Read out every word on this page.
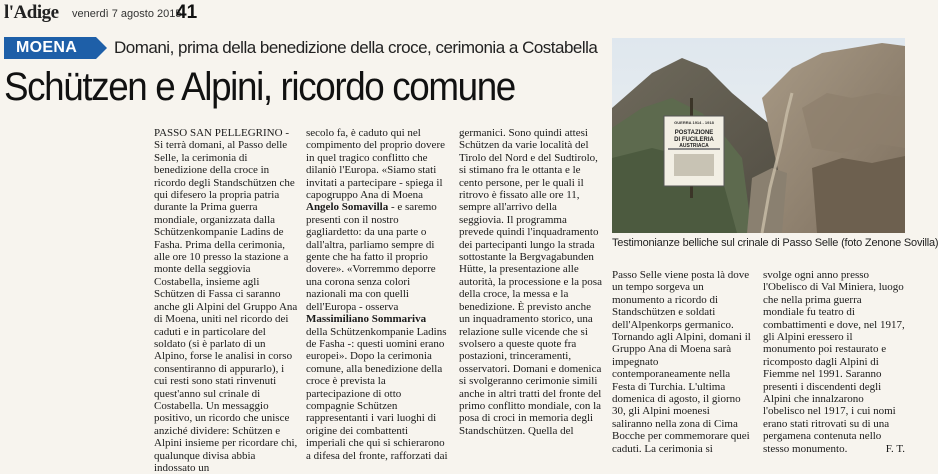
l'Adige venerdì 7 agosto 2015
41
MOENA Domani, prima della benedizione della croce, cerimonia a Costabella
Schützen e Alpini, ricordo comune
PASSO SAN PELLEGRINO - Si terrà domani, al Passo delle Selle, la cerimonia di benedizione della croce in ricordo degli Standschützen che qui difesero la propria patria durante la Prima guerra mondiale, organizzata dalla Schützenkompanie Ladins de Fasha. Prima della cerimonia, alle ore 10 presso la stazione a monte della seggiovia Costabella, insieme agli Schützen di Fassa ci saranno anche gli Alpini del Gruppo Ana di Moena, uniti nel ricordo dei caduti e in particolare del soldato (si è parlato di un Alpino, forse le analisi in corso consentiranno di appurarlo), i cui resti sono stati rinvenuti quest'anno sul crinale di Costabella. Un messaggio positivo, un ricordo che unisce anziché dividere: Schützen e Alpini insieme per ricordare chi, qualunque divisa abbia indossato un
secolo fa, è caduto qui nel compimento del proprio dovere in quel tragico conflitto che dilaniò l'Europa. «Siamo stati invitati a partecipare - spiega il capogruppo Ana di Moena Angelo Somavilla - e saremo presenti con il nostro gagliardetto: da una parte o dall'altra, parliamo sempre di gente che ha fatto il proprio dovere». «Vorremmo deporre una corona senza colori nazionali ma con quelli dell'Europa - osserva Massimiliano Sommariva della Schützenkompanie Ladins de Fasha -: questi uomini erano europei». Dopo la cerimonia comune, alla benedizione della croce è prevista la partecipazione di otto compagnie Schützen rappresentanti i vari luoghi di origine dei combattenti imperiali che qui si schierarono a difesa del fronte, rafforzati dai
germanici. Sono quindi attesi Schützen da varie località del Tirolo del Nord e del Sudtirolo, si stimano fra le ottanta e le cento persone, per le quali il ritrovo è fissato alle ore 11, sempre all'arrivo della seggiovia. Il programma prevede quindi l'inquadramento dei partecipanti lungo la strada sottostante la Bergvagabunden Hütte, la presentazione alle autorità, la processione e la posa della croce, la messa e la benedizione. È previsto anche un inquadramento storico, una relazione sulle vicende che si svolsero a queste quote fra postazioni, trinceramenti, osservatori. Domani e domenica si svolgeranno cerimonie simili anche in altri tratti del fronte del primo conflitto mondiale, con la posa di croci in memoria degli Standschützen. Quella del
GUERRA 1914 - 1918
POSTAZIONE
DI FUCILERIA
AUSTRIACA
Testimonianze belliche sul crinale di Passo Selle (foto Zenone Sovilla)
Passo Selle viene posta là dove un tempo sorgeva un monumento a ricordo di Standschützen e soldati dell'Alpenkorps germanico. Tornando agli Alpini, domani il Gruppo Ana di Moena sarà impegnato contemporaneamente nella Festa di Turchia. L'ultima domenica di agosto, il giorno 30, gli Alpini moenesi saliranno nella zona di Cima Bocche per commemorare quei caduti. La cerimonia si
svolge ogni anno presso l'Obelisco di Val Miniera, luogo che nella prima guerra mondiale fu teatro di combattimenti e dove, nel 1917, gli Alpini eressero il monumento poi restaurato e ricomposto dagli Alpini di Fiemme nel 1991. Saranno presenti i discendenti degli Alpini che innalzarono l'obelisco nel 1917, i cui nomi erano stati ritrovati su di una pergamena contenuta nello stesso monumento.	F. T.
